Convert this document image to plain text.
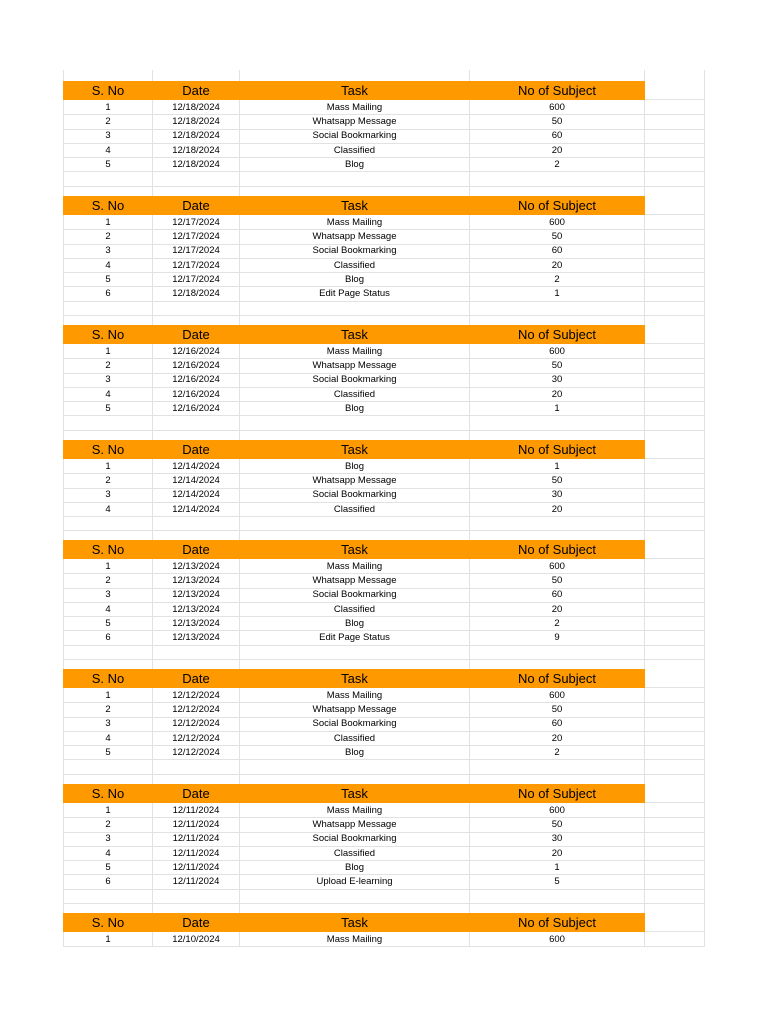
S. No	Date	Task	No of Subject
1	12/18/2024	Mass Mailing	600
2	12/18/2024	Whatsapp Message	50
3	12/18/2024	Social Bookmarking	60
4	12/18/2024	Classified	20
5	12/18/2024	Blog	2
S. No	Date	Task	No of Subject
1	12/17/2024	Mass Mailing	600
2	12/17/2024	Whatsapp Message	50
3	12/17/2024	Social Bookmarking	60
4	12/17/2024	Classified	20
5	12/17/2024	Blog	2
6	12/18/2024	Edit Page Status	1
S. No	Date	Task	No of Subject
1	12/16/2024	Mass Mailing	600
2	12/16/2024	Whatsapp Message	50
3	12/16/2024	Social Bookmarking	30
4	12/16/2024	Classified	20
5	12/16/2024	Blog	1
S. No	Date	Task	No of Subject
1	12/14/2024	Blog	1
2	12/14/2024	Whatsapp Message	50
3	12/14/2024	Social Bookmarking	30
4	12/14/2024	Classified	20
S. No	Date	Task	No of Subject
1	12/13/2024	Mass Mailing	600
2	12/13/2024	Whatsapp Message	50
3	12/13/2024	Social Bookmarking	60
4	12/13/2024	Classified	20
5	12/13/2024	Blog	2
6	12/13/2024	Edit Page Status	9
S. No	Date	Task	No of Subject
1	12/12/2024	Mass Mailing	600
2	12/12/2024	Whatsapp Message	50
3	12/12/2024	Social Bookmarking	60
4	12/12/2024	Classified	20
5	12/12/2024	Blog	2
S. No	Date	Task	No of Subject
1	12/11/2024	Mass Mailing	600
2	12/11/2024	Whatsapp Message	50
3	12/11/2024	Social Bookmarking	30
4	12/11/2024	Classified	20
5	12/11/2024	Blog	1
6	12/11/2024	Upload E-learning	5
S. No	Date	Task	No of Subject
1	12/10/2024	Mass Mailing	600
